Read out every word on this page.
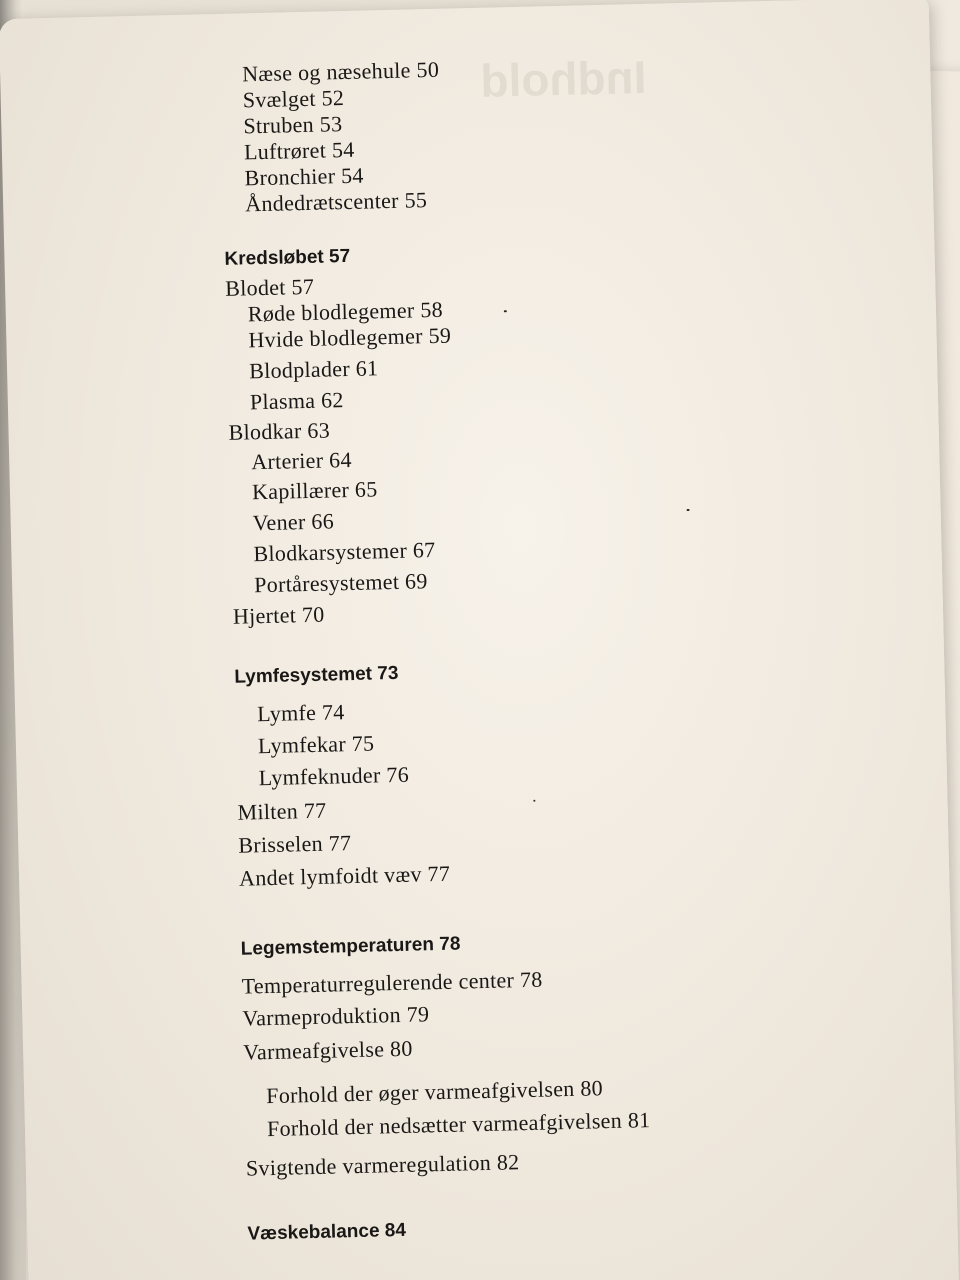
Indhold
Næse og næsehule 50
Svælget 52
Struben 53
Luftrøret 54
Bronchier 54
Åndedrætscenter 55
Kredsløbet 57
Blodet 57
Røde blodlegemer 58
Hvide blodlegemer 59
Blodplader 61
Plasma 62
Blodkar 63
Arterier 64
Kapillærer 65
Vener 66
Blodkarsystemer 67
Portåresystemet 69
Hjertet 70
Lymfesystemet 73
Lymfe 74
Lymfekar 75
Lymfeknuder 76
Milten 77
Brisselen 77
Andet lymfoidt væv 77
Legemstemperaturen 78
Temperaturregulerende center 78
Varmeproduktion 79
Varmeafgivelse 80
Forhold der øger varmeafgivelsen 80
Forhold der nedsætter varmeafgivelsen 81
Svigtende varmeregulation 82
Væskebalance 84
